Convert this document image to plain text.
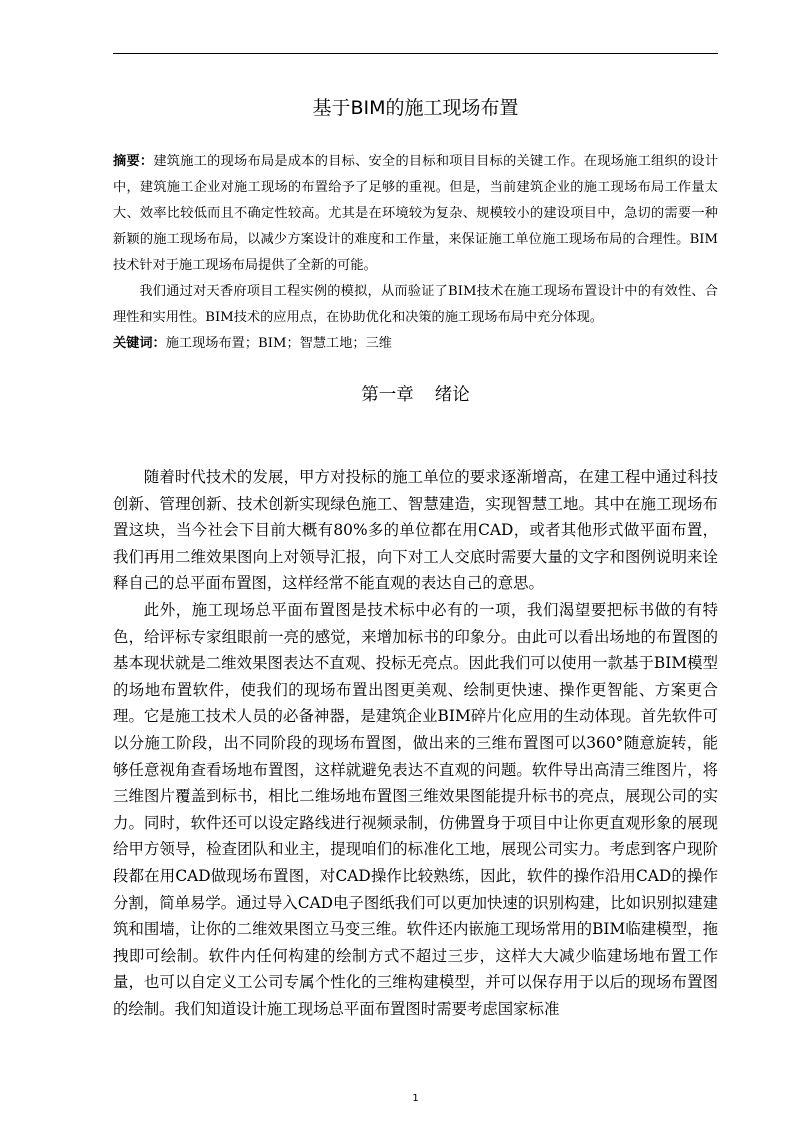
基于BIM的施工现场布置

摘要：建筑施工的现场布局是成本的目标、安全的目标和项目目标的关键工作。在现场施工组织的设计中，建筑施工企业对施工现场的布置给予了足够的重视。但是，当前建筑企业的施工现场布局工作量太大、效率比较低而且不确定性较高。尤其是在环境较为复杂、规模较小的建设项目中，急切的需要一种新颖的施工现场布局，以减少方案设计的难度和工作量，来保证施工单位施工现场布局的合理性。BIM技术针对于施工现场布局提供了全新的可能。

我们通过对天香府项目工程实例的模拟，从而验证了BIM技术在施工现场布置设计中的有效性、合理性和实用性。BIM技术的应用点，在协助优化和决策的施工现场布局中充分体现。

关键词：施工现场布置；BIM；智慧工地；三维

第一章 绪论

随着时代技术的发展，甲方对投标的施工单位的要求逐渐增高，在建工程中通过科技创新、管理创新、技术创新实现绿色施工、智慧建造，实现智慧工地。其中在施工现场布置这块，当今社会下目前大概有80%多的单位都在用CAD，或者其他形式做平面布置，我们再用二维效果图向上对领导汇报，向下对工人交底时需要大量的文字和图例说明来诠释自己的总平面布置图，这样经常不能直观的表达自己的意思。

此外，施工现场总平面布置图是技术标中必有的一项，我们渴望要把标书做的有特色，给评标专家组眼前一亮的感觉，来增加标书的印象分。由此可以看出场地的布置图的基本现状就是二维效果图表达不直观、投标无亮点。因此我们可以使用一款基于BIM模型的场地布置软件，使我们的现场布置出图更美观、绘制更快速、操作更智能、方案更合理。它是施工技术人员的必备神器，是建筑企业BIM碎片化应用的生动体现。首先软件可以分施工阶段，出不同阶段的现场布置图，做出来的三维布置图可以360°随意旋转，能够任意视角查看场地布置图，这样就避免表达不直观的问题。软件导出高清三维图片，将三维图片覆盖到标书，相比二维场地布置图三维效果图能提升标书的亮点，展现公司的实力。同时，软件还可以设定路线进行视频录制，仿佛置身于项目中让你更直观形象的展现给甲方领导，检查团队和业主，提现咱们的标准化工地，展现公司实力。考虑到客户现阶段都在用CAD做现场布置图，对CAD操作比较熟练，因此，软件的操作沿用CAD的操作分割，简单易学。通过导入CAD电子图纸我们可以更加快速的识别构建，比如识别拟建建筑和围墙，让你的二维效果图立马变三维。软件还内嵌施工现场常用的BIM临建模型，拖拽即可绘制。软件内任何构建的绘制方式不超过三步，这样大大减少临建场地布置工作量，也可以自定义工公司专属个性化的三维构建模型，并可以保存用于以后的现场布置图的绘制。我们知道设计施工现场总平面布置图时需要考虑国家标准

1
